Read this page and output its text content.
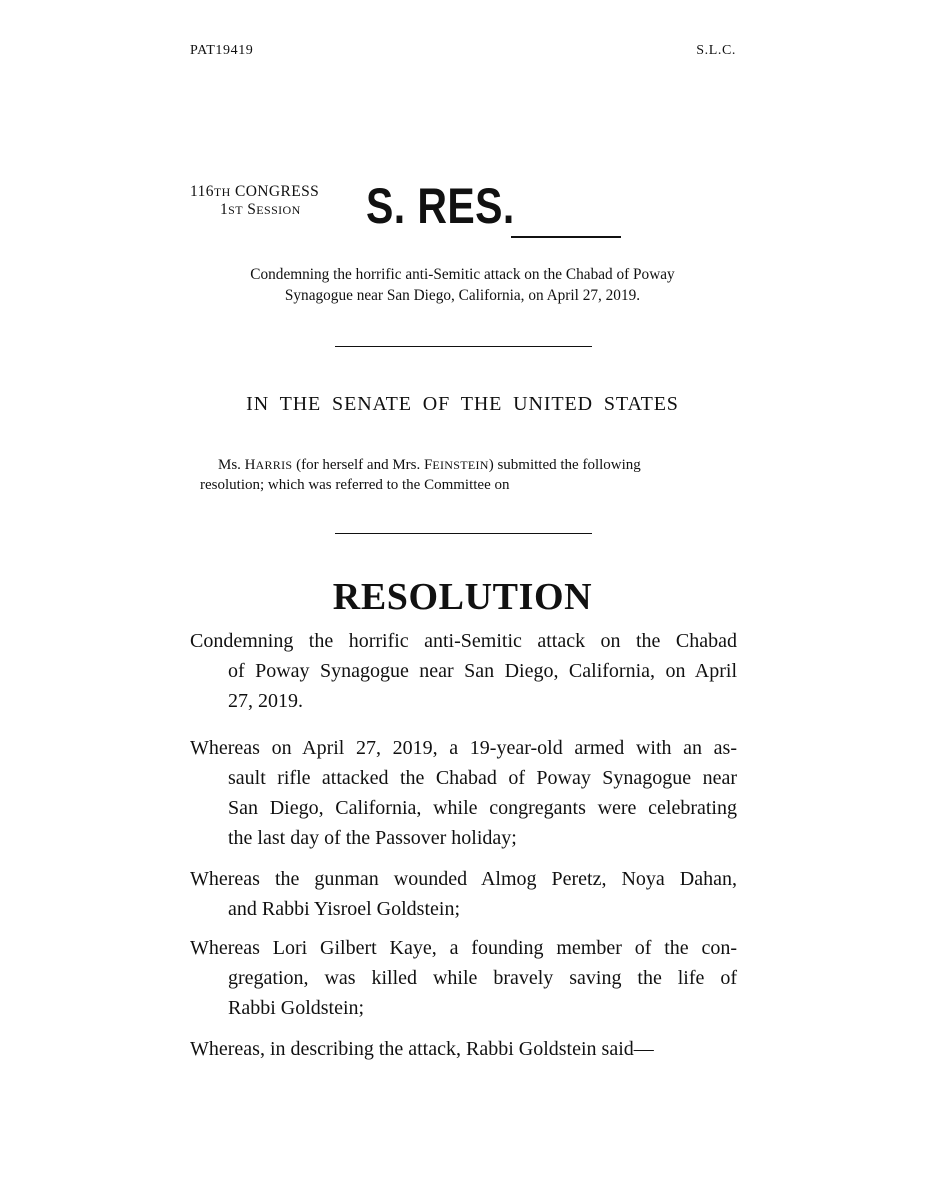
PAT19419	S.L.C.
116TH CONGRESS
1ST SESSION	S. RES.
Condemning the horrific anti-Semitic attack on the Chabad of Poway
Synagogue near San Diego, California, on April 27, 2019.
IN THE SENATE OF THE UNITED STATES
Ms. HARRIS (for herself and Mrs. FEINSTEIN) submitted the following
resolution; which was referred to the Committee on
RESOLUTION
Condemning the horrific anti-Semitic attack on the Chabad
of Poway Synagogue near San Diego, California, on April
27, 2019.
Whereas on April 27, 2019, a 19-year-old armed with an as-
sault rifle attacked the Chabad of Poway Synagogue near
San Diego, California, while congregants were celebrating
the last day of the Passover holiday;
Whereas the gunman wounded Almog Peretz, Noya Dahan,
and Rabbi Yisroel Goldstein;
Whereas Lori Gilbert Kaye, a founding member of the con-
gregation, was killed while bravely saving the life of
Rabbi Goldstein;
Whereas, in describing the attack, Rabbi Goldstein said—
